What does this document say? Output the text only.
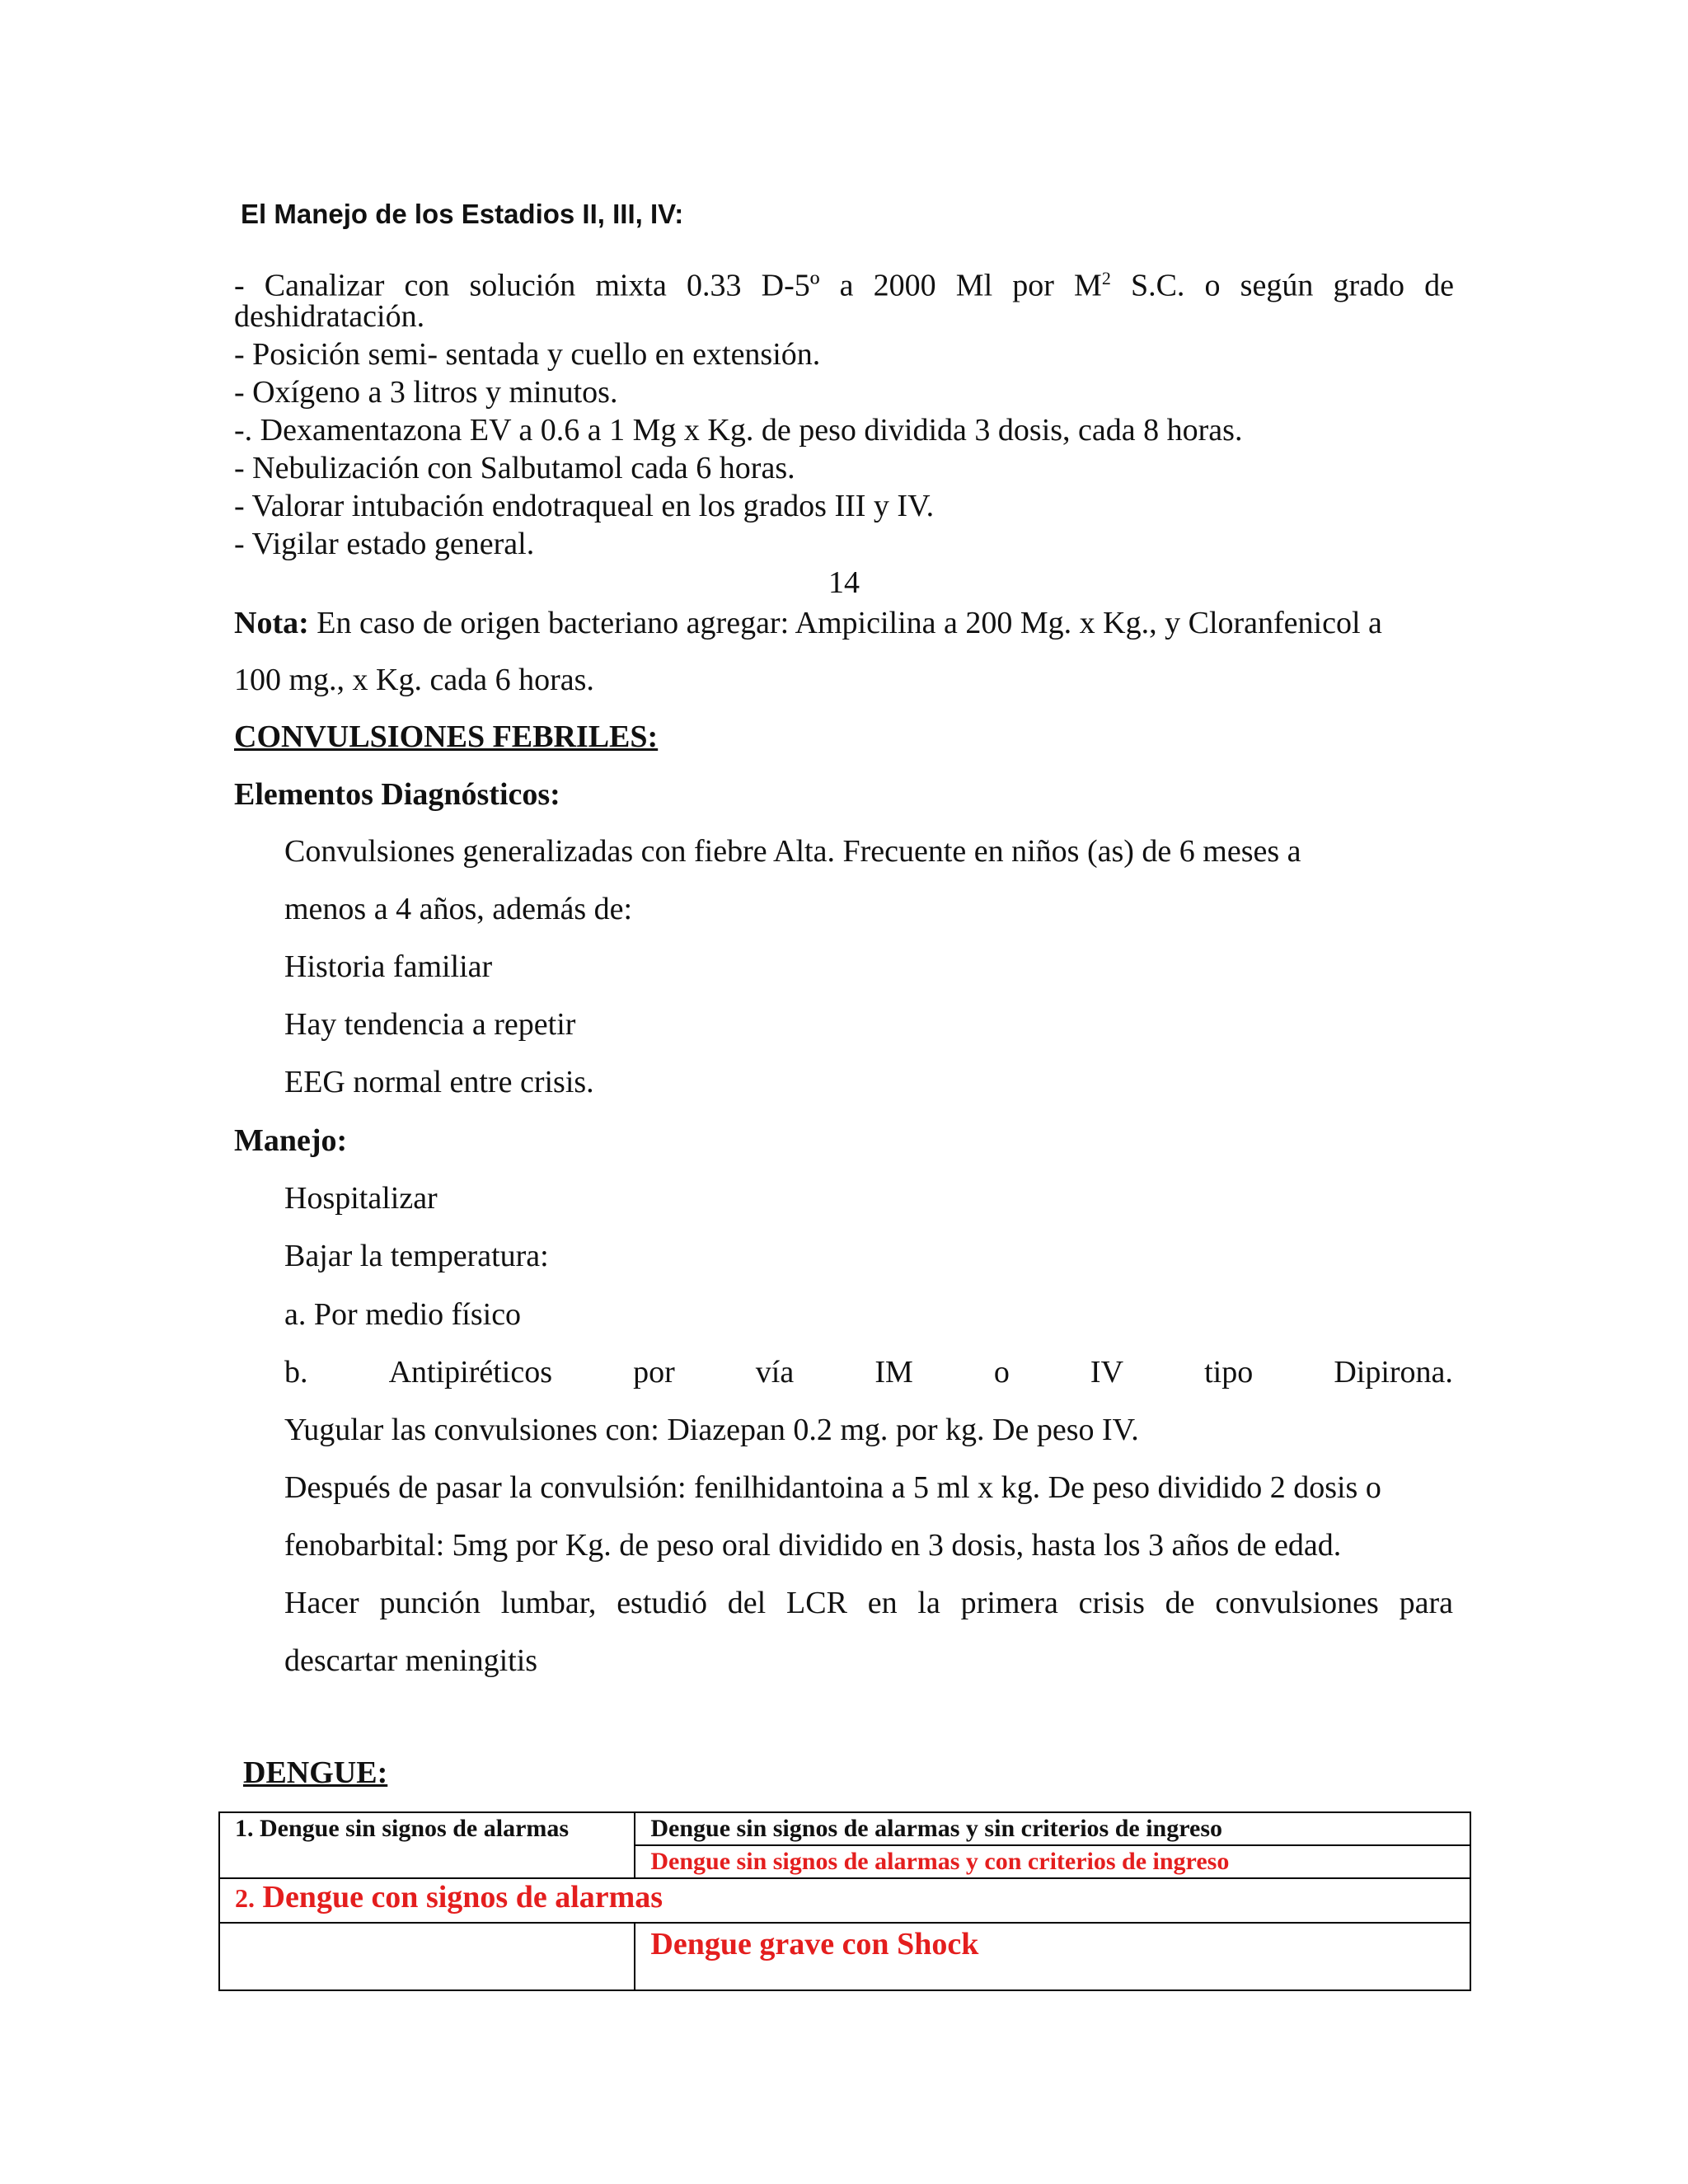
El Manejo de los Estadios II, III, IV:
- Canalizar con solución mixta 0.33 D-5º a 2000 Ml por $M^2$ S.C. o según grado de
deshidratación.
- Posición semi- sentada y cuello en extensión.
- Oxígeno a 3 litros y minutos.
-. Dexamentazona EV a 0.6 a 1 Mg x Kg. de peso dividida 3 dosis, cada 8 horas.
- Nebulización con Salbutamol cada 6 horas.
- Valorar intubación endotraqueal en los grados III y IV.
- Vigilar estado general.
14
Nota: En caso de origen bacteriano agregar: Ampicilina a 200 Mg. x Kg., y Cloranfenicol a
100 mg., x Kg. cada 6 horas.
CONVULSIONES FEBRILES:
Elementos Diagnósticos:
Convulsiones generalizadas con fiebre Alta. Frecuente en niños (as) de 6 meses a
menos a 4 años, además de:
Historia familiar
Hay tendencia a repetir
EEG normal entre crisis.
Manejo:
Hospitalizar
Bajar la temperatura:
a. Por medio físico
b.	Antipiréticos	por	vía	IM	o	IV	tipo	Dipirona.
Yugular las convulsiones con: Diazepan 0.2 mg. por kg. De peso IV.
Después de pasar la convulsión: fenilhidantoina a 5 ml x kg. De peso dividido 2 dosis o
fenobarbital: 5mg por Kg. de peso oral dividido en 3 dosis, hasta los 3 años de edad.
Hacer punción lumbar, estudió del LCR en la primera crisis de convulsiones para
descartar meningitis
DENGUE:
1. Dengue sin signos de alarmas	Dengue sin signos de alarmas y sin criterios de ingreso
	Dengue sin signos de alarmas y con criterios de ingreso
2. Dengue con signos de alarmas	
	Dengue grave con Shock
